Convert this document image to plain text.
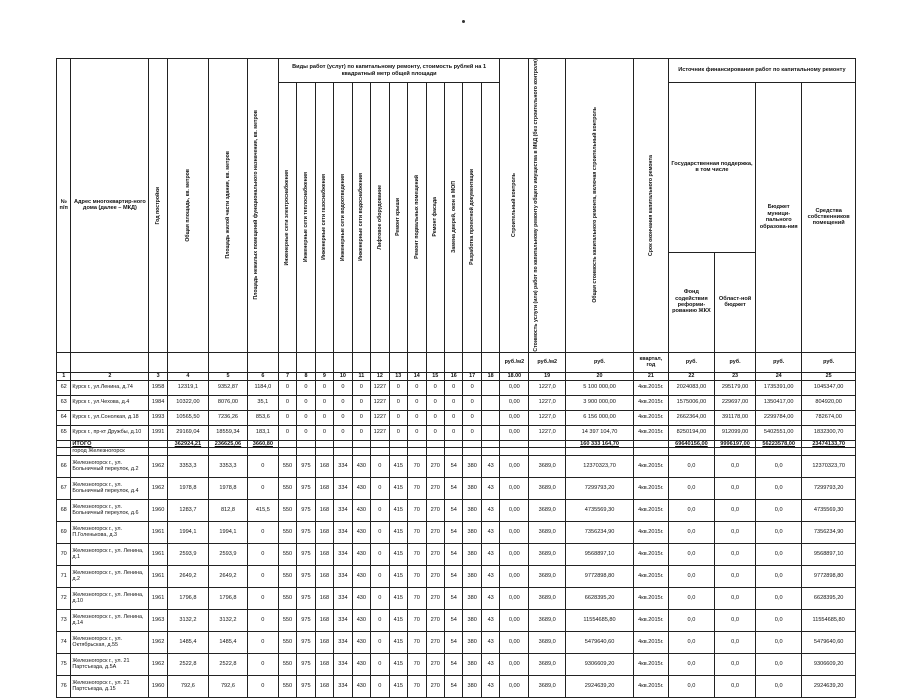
№ п/п	Адрес многоквартир-ного дома (далее – МКД)	Год постройки	Общая площадь, кв. метров	Площадь жилой части здания, кв. метров	Площадь нежилых помещений функционального назначения, кв. метров	Виды работ (услуг) по капитальному ремонту, стоимость рублей на 1 квадратный метр общей площади												Строительный контроль	Стоимость услуги (или) работ по капитальному ремонту общего имущества в МКД (без строительного контроля)	Общая стоимость капитального ремонта, включая строительный контроль	Срок окончания капитального ремонта	Источник финансирования работ по капитальному ремонту			

						Инженерные сети электроснабжения	Инженерные сети теплоснабжения	Инженерные сети газоснабжения	Инженерные сети водоотведения	Инженерные сети водоснабжения	Лифтовое оборудование	Ремонт крыши	Ремонт подвальных помещений	Ремонт фасада	Замена дверей, окон в МОП	Разработка проектной документации						Государственная поддержка, в том числе		Бюджет муници-пального образова-ния	Средства собственников помещений
																						Фонд содействия реформи-рованию ЖКХ	Област-ной бюджет		
																		руб./м2	руб./м2	руб.	квартал, год	руб.	руб.	руб.	руб.
1	2	3	4	5	6	7	8	9	10	11	12	13	14	15	16	17	18	18.00	19	20	21	22	23	24	25
62	Курск г., ул.Ленина, д.74	1958	12319,1	9352,87	1184,0	0	0	0	0	0	1227	0	0	0	0	0		0,00	1227,0	5 100 000,00	4кв.2015г.	2024083,00	295179,00	1735391,00	1045347,00
63	Курск г., ул.Чехова, д.4	1984	10322,00	8076,00	35,1	0	0	0	0	0	1227	0	0	0	0	0		0,00	1227,0	3 900 000,00	4кв.2015г.	1575006,00	229697,00	1350417,00	804920,00
64	Курск г., ул.Сонолкая, д.18	1993	10565,50	7236,26	853,6	0	0	0	0	0	1227	0	0	0	0	0		0,00	1227,0	6 156 000,00	4кв.2015г.	2662364,00	391178,00	2299784,00	782674,00
65	Курск г., пр-кт Дружбы, д.10	1991	29169,04	18559,34	183,1	0	0	0	0	0	1227	0	0	0	0	0		0,00	1227,0	14 397 104,70	4кв.2015г.	8250194,00	912099,00	5402551,00	1832300,70
	ИТОГО		362924,21	236625,06	3660,80															160 333 164,70		69640156,00	9996197,00	56223578,00	23474133,70
	город Железногорск																								
66	Железногорск г., ул. Больничный переулок, д.2	1962	3353,3	3353,3	0	550	975	168	334	430	0	415	70	270	54	380	43	0,00	3689,0	12370323,70	4кв.2015г.	0,0	0,0	0,0	12370323,70
67	Железногорск г., ул. Больничный переулок, д.4	1962	1978,8	1978,8	0	550	975	168	334	430	0	415	70	270	54	380	43	0,00	3689,0	7299793,20	4кв.2015г.	0,0	0,0	0,0	7299793,20
68	Железногорск г., ул. Больничный переулок, д.6	1960	1283,7	812,8	415,5	550	975	168	334	430	0	415	70	270	54	380	43	0,00	3689,0	4735569,30	4кв.2015г.	0,0	0,0	0,0	4735569,30
69	Железногорск г., ул. П.Голенькова, д.3	1961	1994,1	1994,1	0	550	975	168	334	430	0	415	70	270	54	380	43	0,00	3689,0	7356234,90	4кв.2015г.	0,0	0,0	0,0	7356234,90
70	Железногорск г., ул. Ленина, д.1	1961	2593,9	2593,9	0	550	975	168	334	430	0	415	70	270	54	380	43	0,00	3689,0	9568897,10	4кв.2015г.	0,0	0,0	0,0	9568897,10
71	Железногорск г., ул. Ленина, д.2	1961	2649,2	2649,2	0	550	975	168	334	430	0	415	70	270	54	380	43	0,00	3689,0	9772898,80	4кв.2015г.	0,0	0,0	0,0	9772898,80
72	Железногорск г., ул. Ленина, д.10	1961	1796,8	1796,8	0	550	975	168	334	430	0	415	70	270	54	380	43	0,00	3689,0	6628395,20	4кв.2015г.	0,0	0,0	0,0	6628395,20
73	Железногорск г., ул. Ленина, д.14	1963	3132,2	3132,2	0	550	975	168	334	430	0	415	70	270	54	380	43	0,00	3689,0	11554685,80	4кв.2015г.	0,0	0,0	0,0	11554685,80
74	Железногорск г., ул. Октябрьская, д.55	1962	1485,4	1485,4	0	550	975	168	334	430	0	415	70	270	54	380	43	0,00	3689,0	5479640,60	4кв.2015г.	0,0	0,0	0,0	5479640,60
75	Железногорск г., ул. 21 Партсъезда, д.5А	1962	2522,8	2522,8	0	550	975	168	334	430	0	415	70	270	54	380	43	0,00	3689,0	9306609,20	4кв.2015г.	0,0	0,0	0,0	9306609,20
76	Железногорск г., ул. 21 Партсъезда, д.15	1960	792,6	792,6	0	550	975	168	334	430	0	415	70	270	54	380	43	0,00	3689,0	2924639,20	4кв.2015г.	0,0	0,0	0,0	2924639,20
